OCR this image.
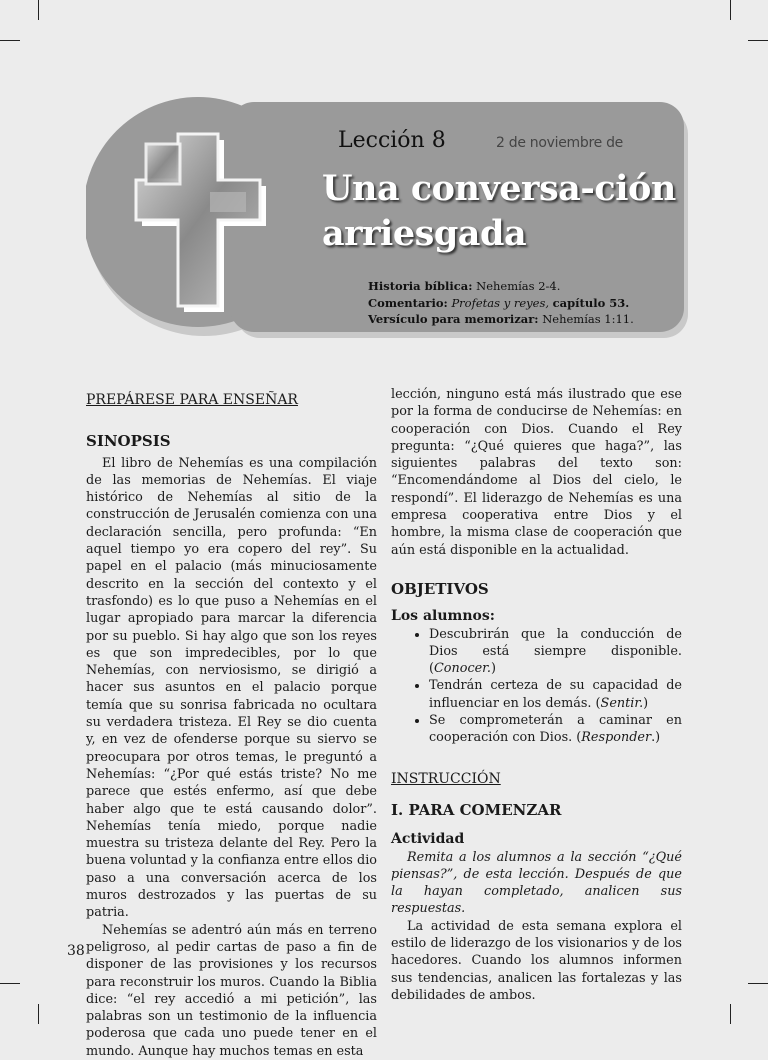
Lección 8	2 de noviembre de
Una conversa-ción arriesgada
Historia bíblica: Nehemías 2-4.
Comentario: Profetas y reyes, capítulo 53.
Versículo para memorizar: Nehemías 1:11.

PREPÁRESE PARA ENSEÑAR

SINOPSIS

El libro de Nehemías es una compilación de las memorias de Nehemías. El viaje histórico de Nehemías al sitio de la construcción de Jerusalén comienza con una declaración sencilla, pero profunda: “En aquel tiempo yo era copero del rey”. Su papel en el palacio (más minuciosamente descrito en la sección del contexto y el trasfondo) es lo que puso a Nehemías en el lugar apropiado para marcar la diferencia por su pueblo. Si hay algo que son los reyes es que son impredecibles, por lo que Nehemías, con nerviosismo, se dirigió a hacer sus asuntos en el palacio porque temía que su sonrisa fabricada no ocultara su verdadera tristeza. El Rey se dio cuenta y, en vez de ofenderse porque su siervo se preocupara por otros temas, le preguntó a Nehemías: “¿Por qué estás triste? No me parece que estés enfermo, así que debe haber algo que te está causando dolor”. Nehemías tenía miedo, porque nadie muestra su tristeza delante del Rey. Pero la buena voluntad y la confianza entre ellos dio paso a una conversación acerca de los muros destrozados y las puertas de su patria.

Nehemías se adentró aún más en terreno peligroso, al pedir cartas de paso a fin de disponer de las provisiones y los recursos para reconstruir los muros. Cuando la Biblia dice: “el rey accedió a mi petición”, las palabras son un testimonio de la influencia poderosa que cada uno puede tener en el mundo. Aunque hay muchos temas en esta

lección, ninguno está más ilustrado que ese por la forma de conducirse de Nehemías: en cooperación con Dios. Cuando el Rey pregunta: “¿Qué quieres que haga?”, las siguientes palabras del texto son: “Encomendándome al Dios del cielo, le respondí”. El liderazgo de Nehemías es una empresa cooperativa entre Dios y el hombre, la misma clase de cooperación que aún está disponible en la actualidad.

OBJETIVOS

Los alumnos:

• Descubrirán que la conducción de Dios está siempre disponible. (Conocer.)
• Tendrán certeza de su capacidad de influenciar en los demás. (Sentir.)
• Se comprometerán a caminar en cooperación con Dios. (Responder.)

INSTRUCCIÓN

I. PARA COMENZAR

Actividad

Remita a los alumnos a la sección “¿Qué piensas?”, de esta lección. Después de que la hayan completado, analicen sus respuestas.

La actividad de esta semana explora el estilo de liderazgo de los visionarios y de los hacedores. Cuando los alumnos informen sus tendencias, analicen las fortalezas y las debilidades de ambos.

38
